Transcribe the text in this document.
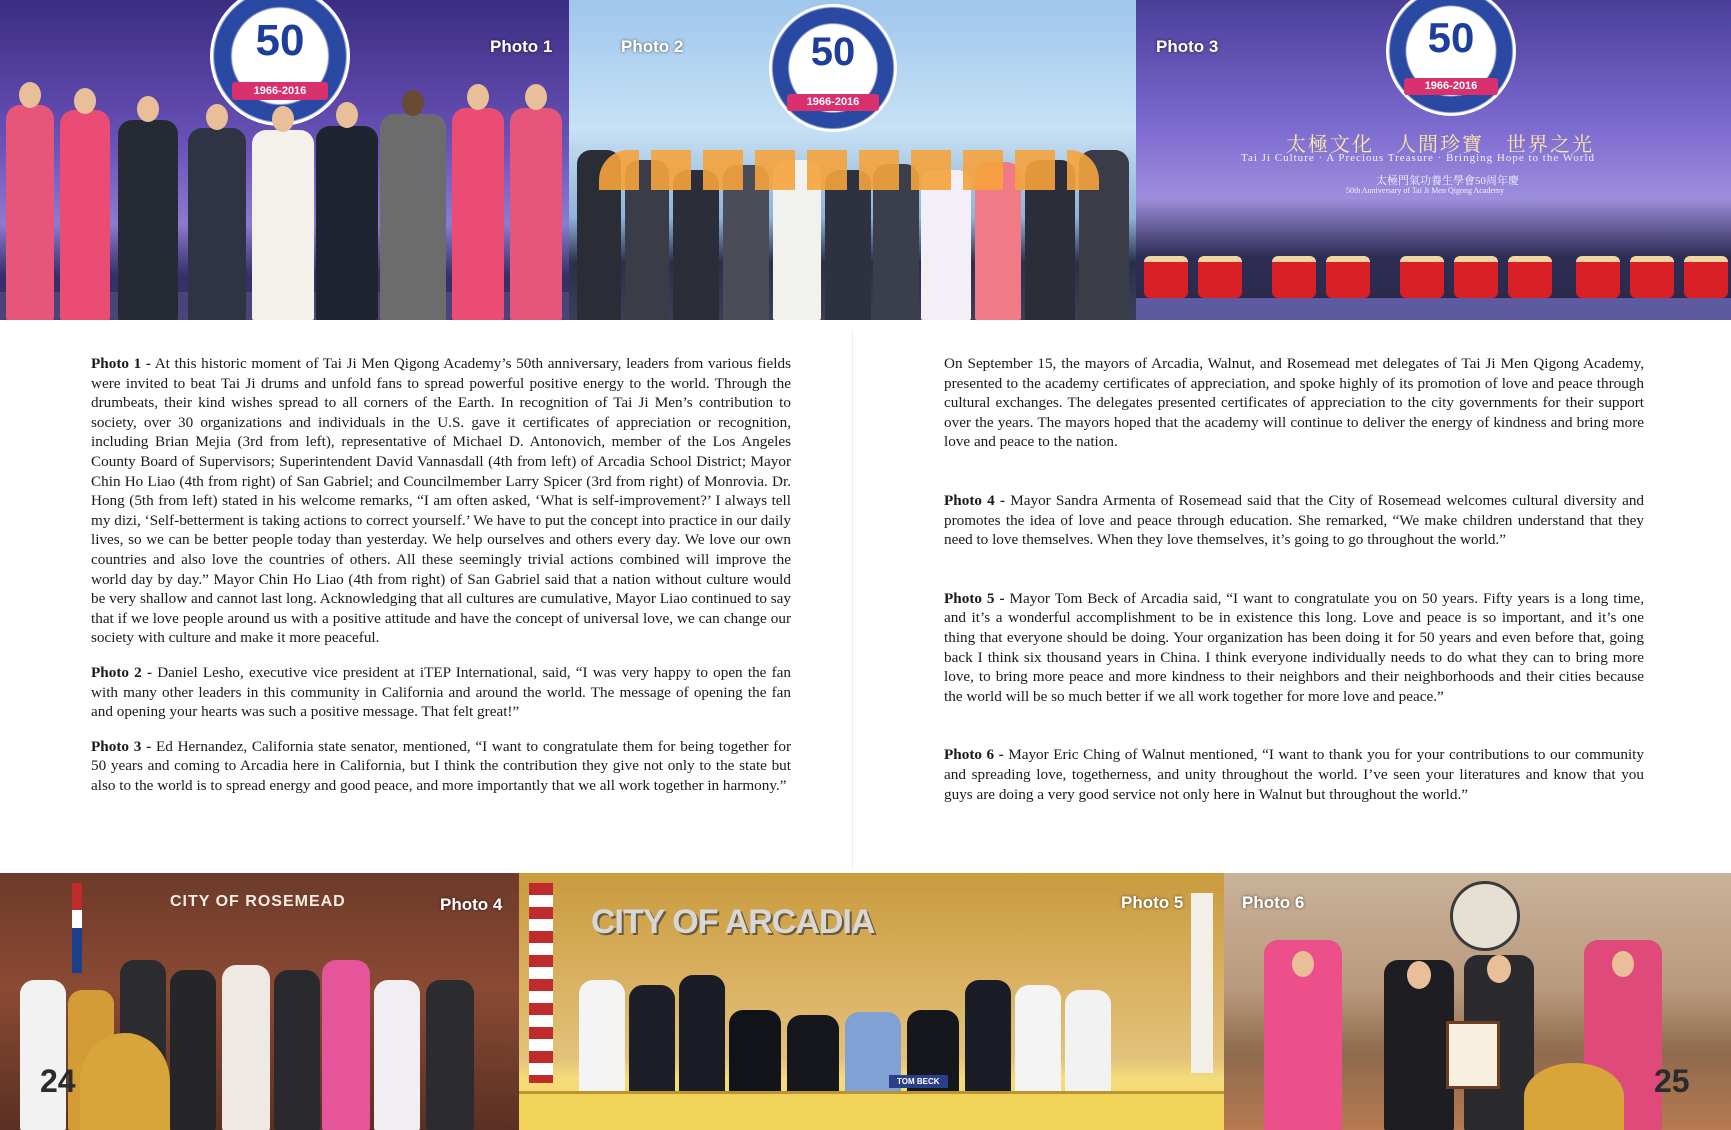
50
1966-2016
Photo 1	50
1966-2016
Photo 2	50
1966-2016
太極文化　人間珍寶　世界之光
Tai Ji Culture · A Precious Treasure · Bringing Hope to the World
太極門氣功養生學會50周年慶
50th Anniversary of Tai Ji Men Qigong Academy
Photo 3

Photo 1 - At this historic moment of Tai Ji Men Qigong Academy’s 50th anniversary, leaders from various fields were invited to beat Tai Ji drums and unfold fans to spread powerful positive energy to the world. Through the drumbeats, their kind wishes spread to all corners of the Earth. In recognition of Tai Ji Men’s contribution to society, over 30 organizations and individuals in the U.S. gave it certificates of appreciation or recognition, including Brian Mejia (3rd from left), representative of Michael D. Antonovich, member of the Los Angeles County Board of Supervisors; Superintendent David Vannasdall (4th from left) of Arcadia School District; Mayor Chin Ho Liao (4th from right) of San Gabriel; and Councilmember Larry Spicer (3rd from right) of Monrovia. Dr. Hong (5th from left) stated in his welcome remarks, “I am often asked, ‘What is self-improvement?’ I always tell my dizi, ‘Self-betterment is taking actions to correct yourself.’ We have to put the concept into practice in our daily lives, so we can be better people today than yesterday. We help ourselves and others every day. We love our own countries and also love the countries of others. All these seemingly trivial actions combined will improve the world day by day.” Mayor Chin Ho Liao (4th from right) of San Gabriel said that a nation without culture would be very shallow and cannot last long. Acknowledging that all cultures are cumulative, Mayor Liao continued to say that if we love people around us with a positive attitude and have the concept of universal love, we can change our society with culture and make it more peaceful.

Photo 2 - Daniel Lesho, executive vice president at iTEP International, said, “I was very happy to open the fan with many other leaders in this community in California and around the world. The message of opening the fan and opening your hearts was such a positive message. That felt great!”

Photo 3 - Ed Hernandez, California state senator, mentioned, “I want to congratulate them for being together for 50 years and coming to Arcadia here in California, but I think the contribution they give not only to the state but also to the world is to spread energy and good peace, and more importantly that we all work together in harmony.”

On September 15, the mayors of Arcadia, Walnut, and Rosemead met delegates of Tai Ji Men Qigong Academy, presented to the academy certificates of appreciation, and spoke highly of its promotion of love and peace through cultural exchanges. The delegates presented certificates of appreciation to the city governments for their support over the years. The mayors hoped that the academy will continue to deliver the energy of kindness and bring more love and peace to the nation.

Photo 4 - Mayor Sandra Armenta of Rosemead said that the City of Rosemead welcomes cultural diversity and promotes the idea of love and peace through education. She remarked, “We make children understand that they need to love themselves. When they love themselves, it’s going to go throughout the world.”

Photo 5 - Mayor Tom Beck of Arcadia said, “I want to congratulate you on 50 years. Fifty years is a long time, and it’s a wonderful accomplishment to be in existence this long. Love and peace is so important, and it’s one thing that everyone should be doing. Your organization has been doing it for 50 years and even before that, going back I think six thousand years in China. I think everyone individually needs to do what they can to bring more love, to bring more peace and more kindness to their neighbors and their neighborhoods and their cities because the world will be so much better if we all work together for more love and peace.”

Photo 6 - Mayor Eric Ching of Walnut mentioned, “I want to thank you for your contributions to our community and spreading love, togetherness, and unity throughout the world. I’ve seen your literatures and know that you guys are doing a very good service not only here in Walnut but throughout the world.”

CITY OF ROSEMEAD
24
Photo 4	CITY OF ARCADIA
TOM BECK
Photo 5
25
Photo 6
